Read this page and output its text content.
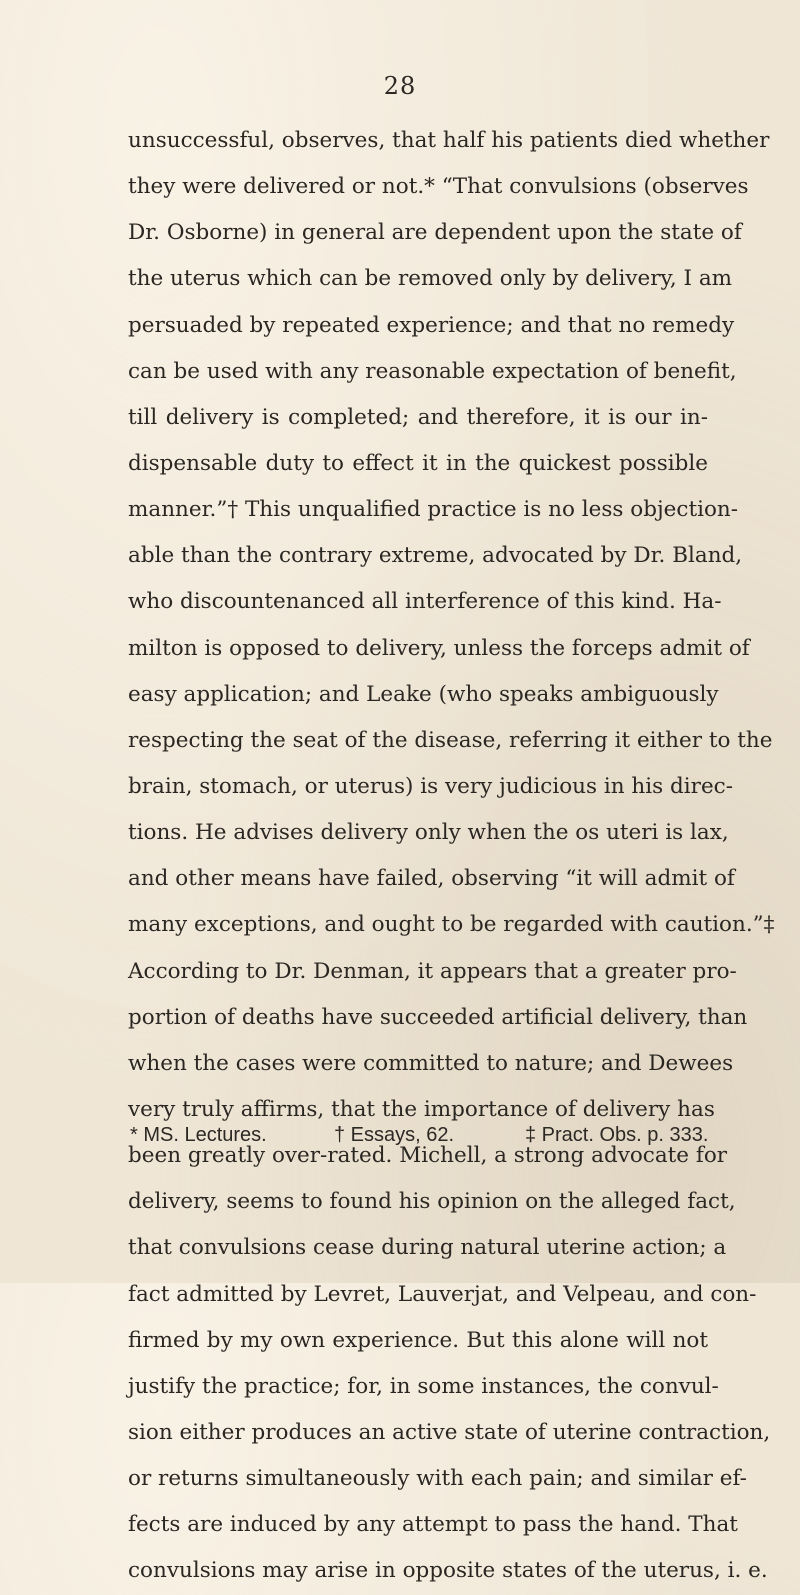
28
unsuccessful, observes, that half his patients died whether
they were delivered or not.* “That convulsions (observes
Dr. Osborne) in general are dependent upon the state of
the uterus which can be removed only by delivery, I am
persuaded by repeated experience; and that no remedy
can be used with any reasonable expectation of benefit,
till delivery is completed; and therefore, it is our in-
dispensable duty to effect it in the quickest possible
manner.”† This unqualified practice is no less objection-
able than the contrary extreme, advocated by Dr. Bland,
who discountenanced all interference of this kind. Ha-
milton is opposed to delivery, unless the forceps admit of
easy application; and Leake (who speaks ambiguously
respecting the seat of the disease, referring it either to the
brain, stomach, or uterus) is very judicious in his direc-
tions. He advises delivery only when the os uteri is lax,
and other means have failed, observing “it will admit of
many exceptions, and ought to be regarded with caution.”‡
According to Dr. Denman, it appears that a greater pro-
portion of deaths have succeeded artificial delivery, than
when the cases were committed to nature; and Dewees
very truly affirms, that the importance of delivery has
been greatly over-rated. Michell, a strong advocate for
delivery, seems to found his opinion on the alleged fact,
that convulsions cease during natural uterine action; a
fact admitted by Levret, Lauverjat, and Velpeau, and con-
firmed by my own experience. But this alone will not
justify the practice; for, in some instances, the convul-
sion either produces an active state of uterine contraction,
or returns simultaneously with each pain; and similar ef-
fects are induced by any attempt to pass the hand. That
convulsions may arise in opposite states of the uterus, i. e.
* MS. Lectures.	† Essays, 62.	‡ Pract. Obs. p. 333.
